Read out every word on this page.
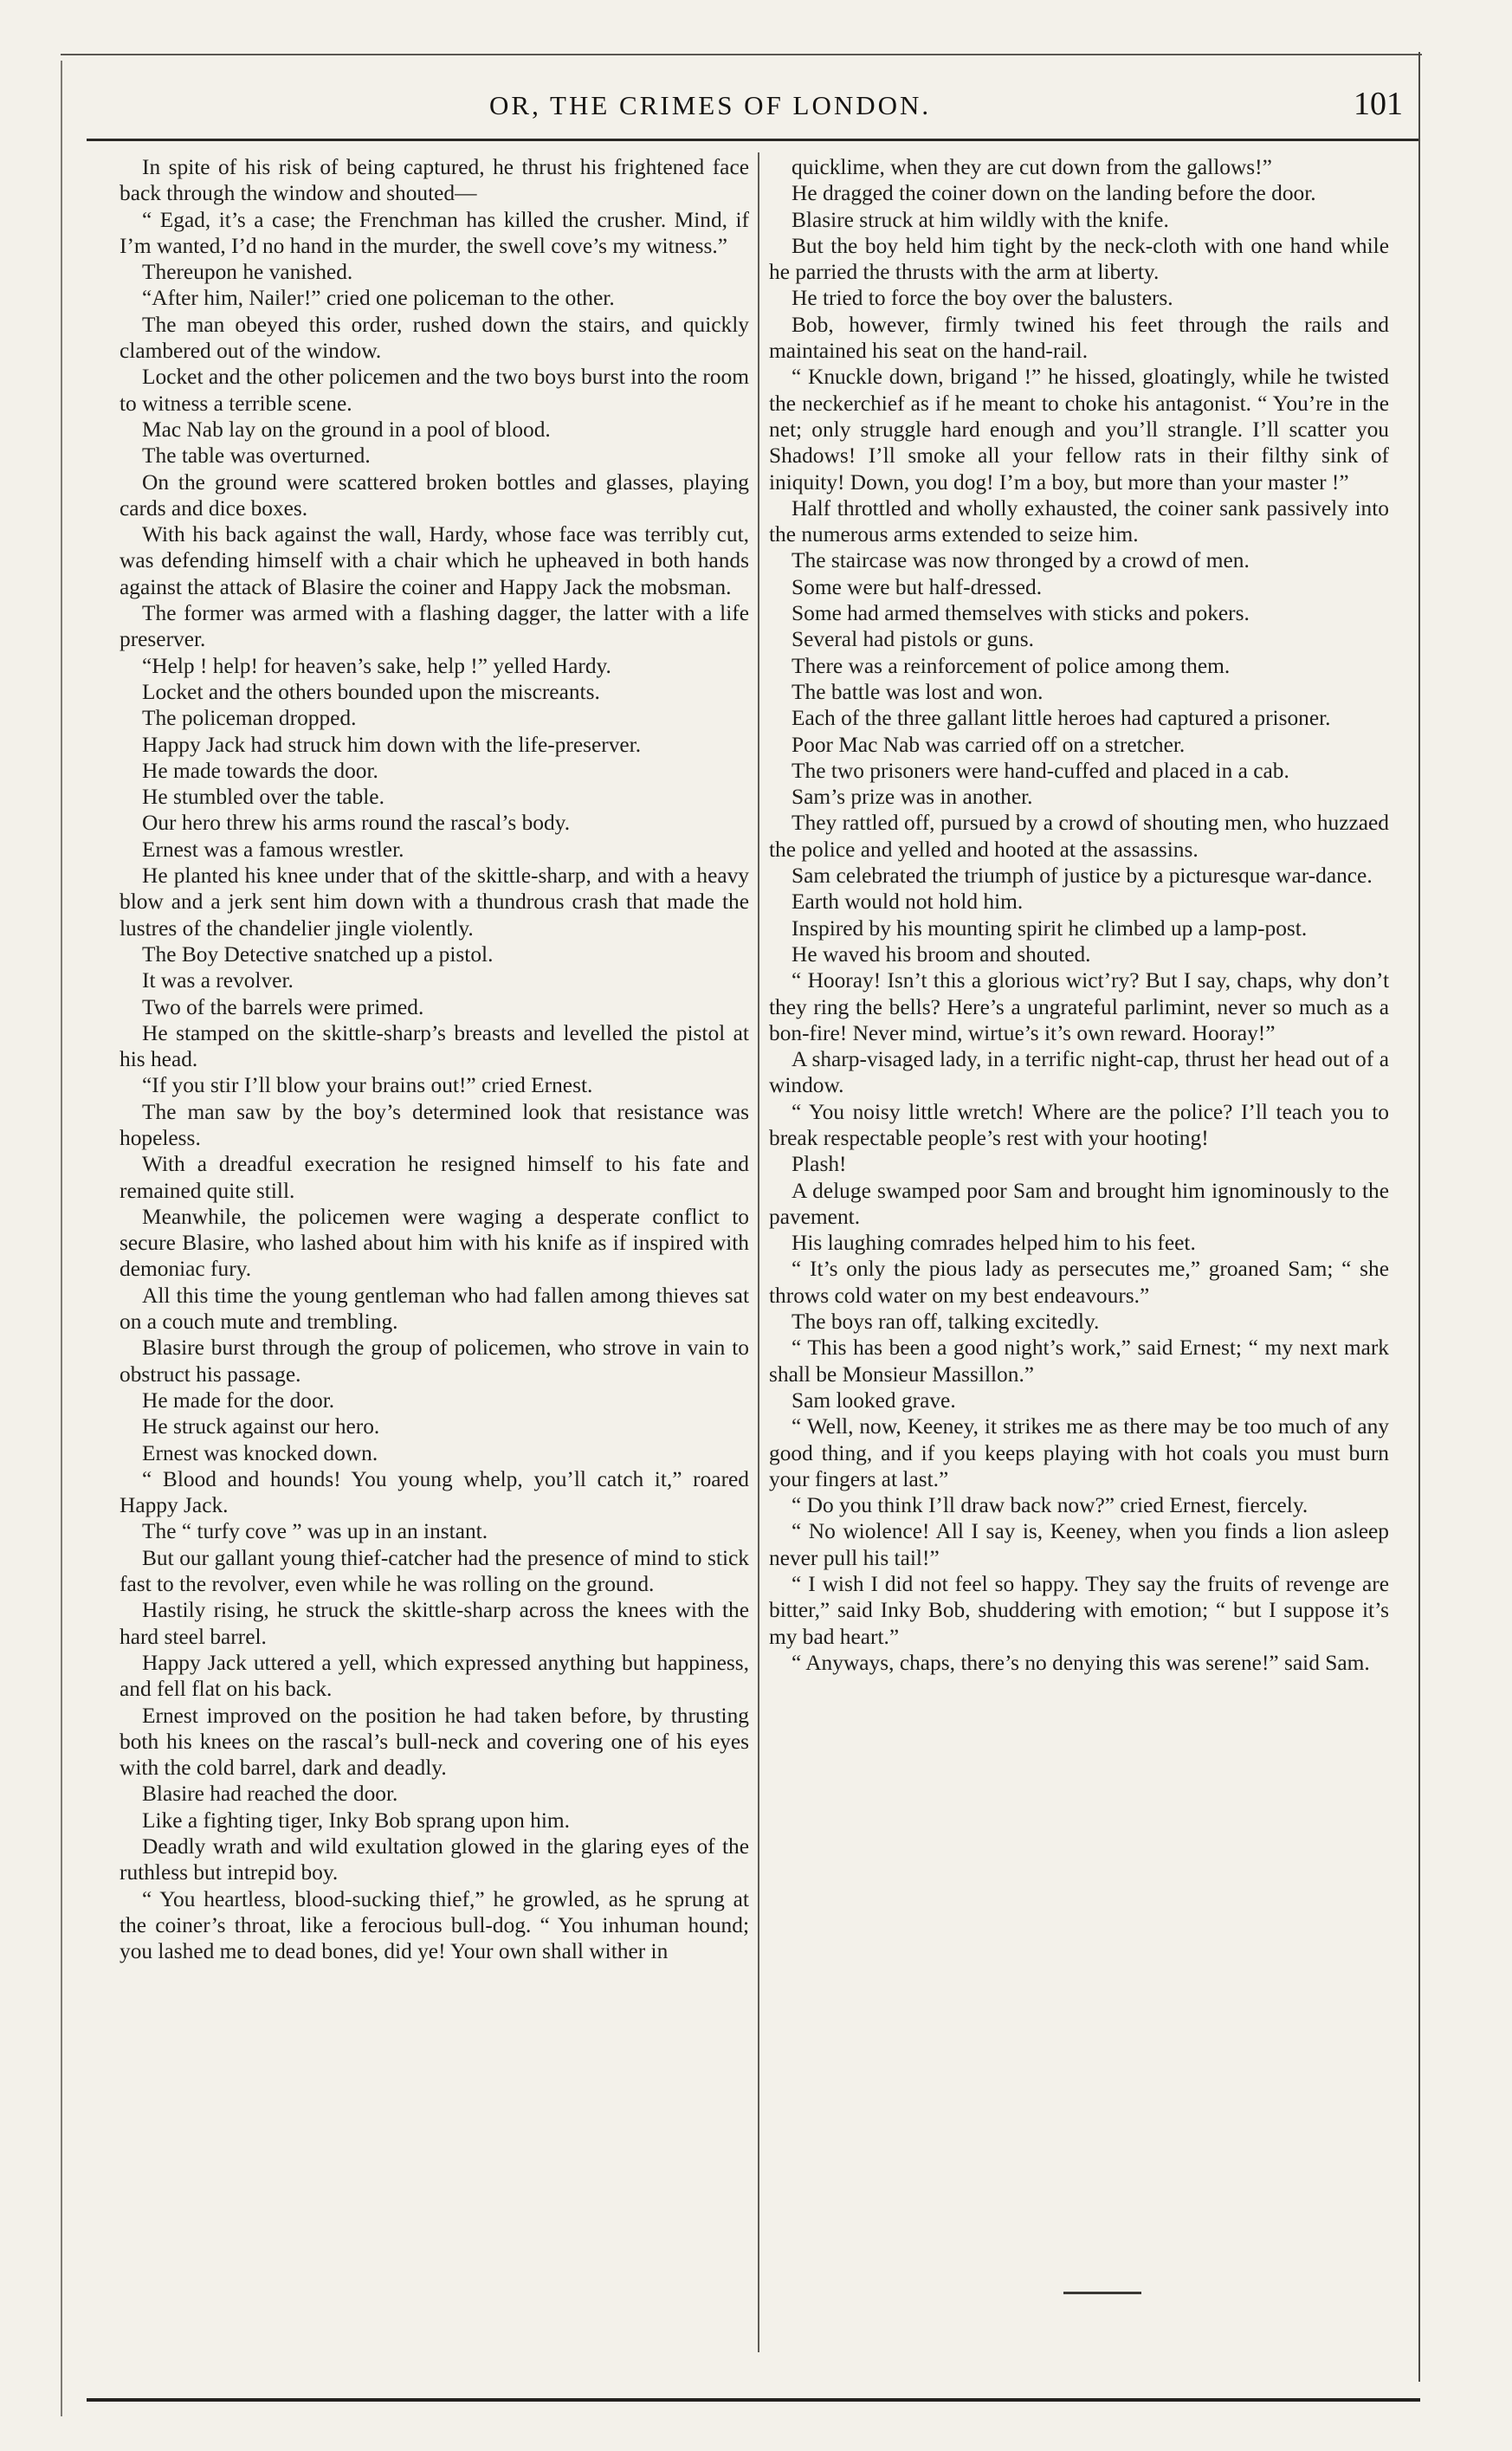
OR, THE CRIMES OF LONDON.	101

In spite of his risk of being captured, he thrust his frightened face back through the window and shouted—

“ Egad, it’s a case; the Frenchman has killed the crusher. Mind, if I’m wanted, I’d no hand in the murder, the swell cove’s my witness.”

Thereupon he vanished.

“After him, Nailer!” cried one policeman to the other.

The man obeyed this order, rushed down the stairs, and quickly clambered out of the window.

Locket and the other policemen and the two boys burst into the room to witness a terrible scene.

Mac Nab lay on the ground in a pool of blood.

The table was overturned.

On the ground were scattered broken bottles and glasses, playing cards and dice boxes.

With his back against the wall, Hardy, whose face was terribly cut, was defending himself with a chair which he upheaved in both hands against the attack of Blasire the coiner and Happy Jack the mobsman.

The former was armed with a flashing dagger, the latter with a life preserver.

“Help ! help! for heaven’s sake, help !” yelled Hardy.

Locket and the others bounded upon the miscreants.

The policeman dropped.

Happy Jack had struck him down with the life-preserver.

He made towards the door.

He stumbled over the table.

Our hero threw his arms round the rascal’s body.

Ernest was a famous wrestler.

He planted his knee under that of the skittle-sharp, and with a heavy blow and a jerk sent him down with a thundrous crash that made the lustres of the chandelier jingle violently.

The Boy Detective snatched up a pistol.

It was a revolver.

Two of the barrels were primed.

He stamped on the skittle-sharp’s breasts and levelled the pistol at his head.

“If you stir I’ll blow your brains out!” cried Ernest.

The man saw by the boy’s determined look that resistance was hopeless.

With a dreadful execration he resigned himself to his fate and remained quite still.

Meanwhile, the policemen were waging a desperate conflict to secure Blasire, who lashed about him with his knife as if inspired with demoniac fury.

All this time the young gentleman who had fallen among thieves sat on a couch mute and trembling.

Blasire burst through the group of policemen, who strove in vain to obstruct his passage.

He made for the door.

He struck against our hero.

Ernest was knocked down.

“ Blood and hounds! You young whelp, you’ll catch it,” roared Happy Jack.

The “ turfy cove ” was up in an instant.

But our gallant young thief-catcher had the presence of mind to stick fast to the revolver, even while he was rolling on the ground.

Hastily rising, he struck the skittle-sharp across the knees with the hard steel barrel.

Happy Jack uttered a yell, which expressed anything but happiness, and fell flat on his back.

Ernest improved on the position he had taken before, by thrusting both his knees on the rascal’s bull-neck and covering one of his eyes with the cold barrel, dark and deadly.

Blasire had reached the door.

Like a fighting tiger, Inky Bob sprang upon him.

Deadly wrath and wild exultation glowed in the glaring eyes of the ruthless but intrepid boy.

“ You heartless, blood-sucking thief,” he growled, as he sprung at the coiner’s throat, like a ferocious bull-dog. “ You inhuman hound; you lashed me to dead bones, did ye! Your own shall wither in

quicklime, when they are cut down from the gallows!”

He dragged the coiner down on the landing before the door.

Blasire struck at him wildly with the knife.

But the boy held him tight by the neck-cloth with one hand while he parried the thrusts with the arm at liberty.

He tried to force the boy over the balusters.

Bob, however, firmly twined his feet through the rails and maintained his seat on the hand-rail.

“ Knuckle down, brigand !” he hissed, gloatingly, while he twisted the neckerchief as if he meant to choke his antagonist. “ You’re in the net; only struggle hard enough and you’ll strangle. I’ll scatter you Shadows! I’ll smoke all your fellow rats in their filthy sink of iniquity! Down, you dog! I’m a boy, but more than your master !”

Half throttled and wholly exhausted, the coiner sank passively into the numerous arms extended to seize him.

The staircase was now thronged by a crowd of men.

Some were but half-dressed.

Some had armed themselves with sticks and pokers.

Several had pistols or guns.

There was a reinforcement of police among them.

The battle was lost and won.

Each of the three gallant little heroes had captured a prisoner.

Poor Mac Nab was carried off on a stretcher.

The two prisoners were hand-cuffed and placed in a cab.

Sam’s prize was in another.

They rattled off, pursued by a crowd of shouting men, who huzzaed the police and yelled and hooted at the assassins.

Sam celebrated the triumph of justice by a picturesque war-dance.

Earth would not hold him.

Inspired by his mounting spirit he climbed up a lamp-post.

He waved his broom and shouted.

“ Hooray! Isn’t this a glorious wict’ry? But I say, chaps, why don’t they ring the bells? Here’s a ungrateful parlimint, never so much as a bon-fire! Never mind, wirtue’s it’s own reward. Hooray!”

A sharp-visaged lady, in a terrific night-cap, thrust her head out of a window.

“ You noisy little wretch! Where are the police? I’ll teach you to break respectable people’s rest with your hooting!

Plash!

A deluge swamped poor Sam and brought him ignominously to the pavement.

His laughing comrades helped him to his feet.

“ It’s only the pious lady as persecutes me,” groaned Sam; “ she throws cold water on my best endeavours.”

The boys ran off, talking excitedly.

“ This has been a good night’s work,” said Ernest; “ my next mark shall be Monsieur Massillon.”

Sam looked grave.

“ Well, now, Keeney, it strikes me as there may be too much of any good thing, and if you keeps playing with hot coals you must burn your fingers at last.”

“ Do you think I’ll draw back now?” cried Ernest, fiercely.

“ No wiolence! All I say is, Keeney, when you finds a lion asleep never pull his tail!”

“ I wish I did not feel so happy. They say the fruits of revenge are bitter,” said Inky Bob, shuddering with emotion; “ but I suppose it’s my bad heart.”

“ Anyways, chaps, there’s no denying this was serene!” said Sam.
